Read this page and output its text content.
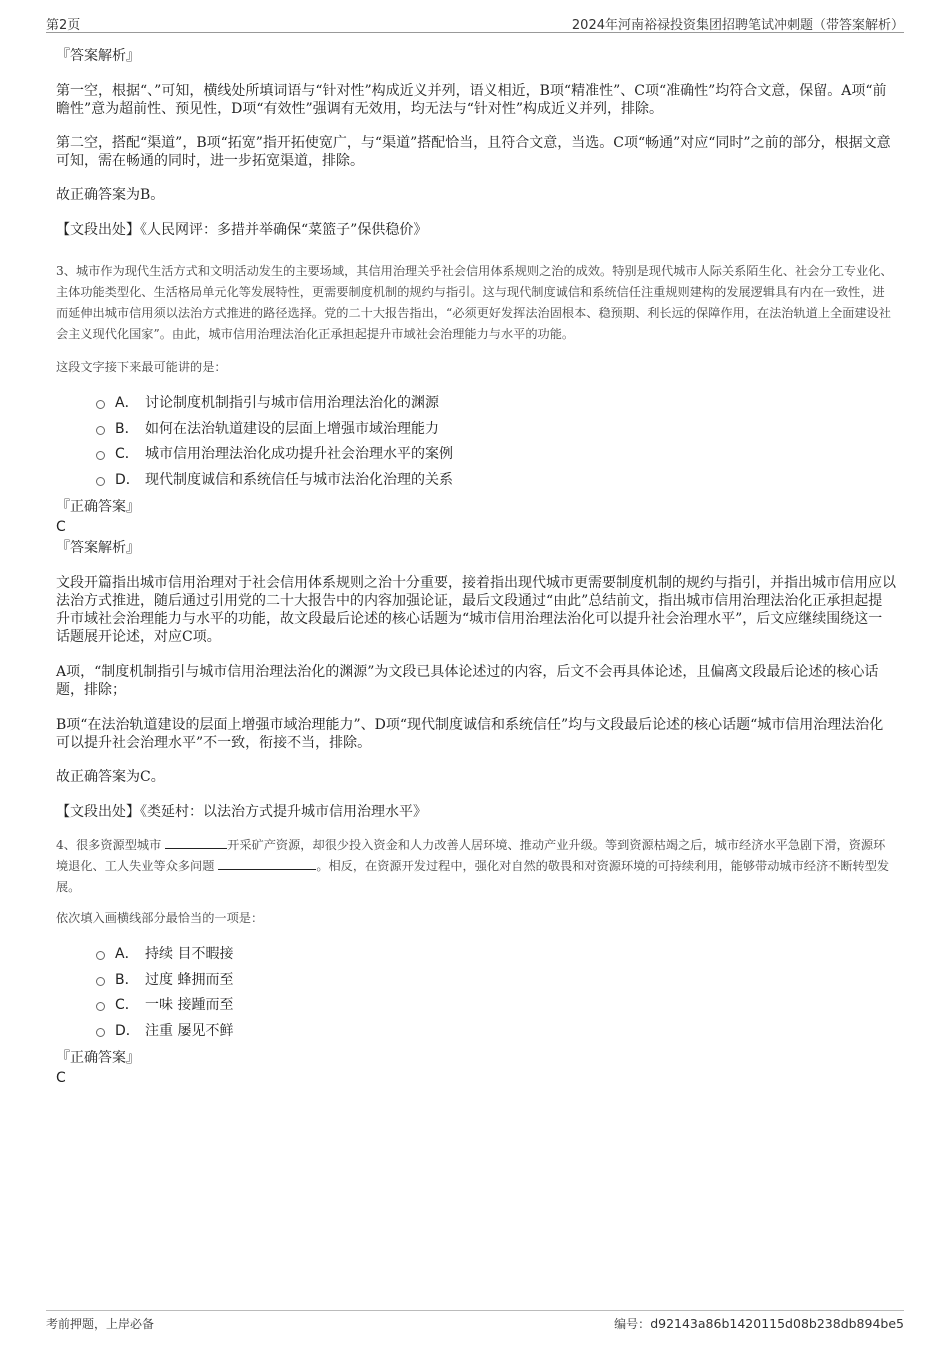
第2页	2024年河南裕禄投资集团招聘笔试冲刺题（带答案解析）

『答案解析』

第一空，根据“、”可知，横线处所填词语与“针对性”构成近义并列，语义相近，B项“精准性”、C项“准确性”均符合文意，保留。A项“前瞻性”意为超前性、预见性，D项“有效性”强调有无效用，均无法与“针对性”构成近义并列，排除。

第二空，搭配“渠道”，B项“拓宽”指开拓使宽广，与“渠道”搭配恰当，且符合文意，当选。C项“畅通”对应“同时”之前的部分，根据文意可知，需在畅通的同时，进一步拓宽渠道，排除。

故正确答案为B。

【文段出处】《人民网评：多措并举确保“菜篮子”保供稳价》

3、城市作为现代生活方式和文明活动发生的主要场域，其信用治理关乎社会信用体系规则之治的成效。特别是现代城市人际关系陌生化、社会分工专业化、主体功能类型化、生活格局单元化等发展特性，更需要制度机制的规约与指引。这与现代制度诚信和系统信任注重规则建构的发展逻辑具有内在一致性，进而延伸出城市信用须以法治方式推进的路径选择。党的二十大报告指出，“必须更好发挥法治固根本、稳预期、利长远的保障作用，在法治轨道上全面建设社会主义现代化国家”。由此，城市信用治理法治化正承担起提升市域社会治理能力与水平的功能。

这段文字接下来最可能讲的是：

A． 讨论制度机制指引与城市信用治理法治化的渊源
B． 如何在法治轨道建设的层面上增强市域治理能力
C． 城市信用治理法治化成功提升社会治理水平的案例
D． 现代制度诚信和系统信任与城市法治化治理的关系

『正确答案』

C

『答案解析』

文段开篇指出城市信用治理对于社会信用体系规则之治十分重要，接着指出现代城市更需要制度机制的规约与指引，并指出城市信用应以法治方式推进，随后通过引用党的二十大报告中的内容加强论证，最后文段通过“由此”总结前文，指出城市信用治理法治化正承担起提升市域社会治理能力与水平的功能，故文段最后论述的核心话题为“城市信用治理法治化可以提升社会治理水平”，后文应继续围绕这一话题展开论述，对应C项。

A项，“制度机制指引与城市信用治理法治化的渊源”为文段已具体论述过的内容，后文不会再具体论述，且偏离文段最后论述的核心话题，排除；

B项“在法治轨道建设的层面上增强市域治理能力”、D项“现代制度诚信和系统信任”均与文段最后论述的核心话题“城市信用治理法治化可以提升社会治理水平”不一致，衔接不当，排除。

故正确答案为C。

【文段出处】《类延村：以法治方式提升城市信用治理水平》

4、很多资源型城市	开采矿产资源，却很少投入资金和人力改善人居环境、推动产业升级。等到资源枯竭之后，城市经济水平急剧下滑，资源环境退化、工人失业等众多问题	。相反，在资源开发过程中，强化对自然的敬畏和对资源环境的可持续利用，能够带动城市经济不断转型发展。

依次填入画横线部分最恰当的一项是：

A． 持续 目不暇接
B． 过度 蜂拥而至
C． 一味 接踵而至
D． 注重 屡见不鲜

『正确答案』

C

考前押题，上岸必备	编号：d92143a86b1420115d08b238db894be5
